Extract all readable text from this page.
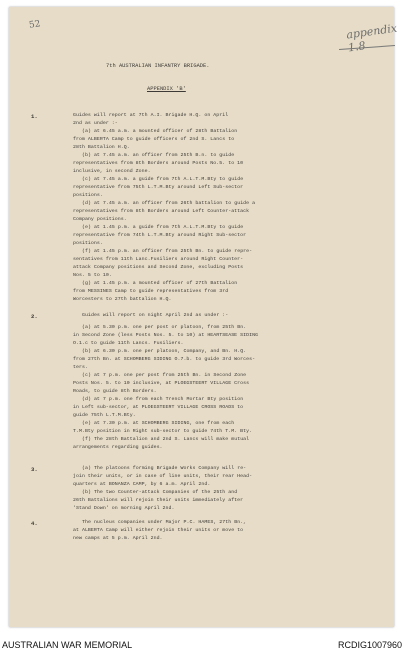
52	appendix 1.8
7th AUSTRALIAN INFANTRY BRIGADE.
APPENDIX 'B'
1.	Guides will report at 7th A.I. Brigade H.Q. on April
2nd as under :-
(a) at 6.45 a.m. a mounted officer of 28th Battalion
from ALBERTA Camp to guide officers of 2nd S. Lancs to
28th Battalion H.Q.
(b) at 7.45 a.m. an officer from 25th B.n. to guide
representatives from 8th Borders around Posts No.5. to 10
inclusive, in second Zone.
(c) at 7.45 a.m. a guide from 7th A.L.T.M.Bty to guide
representative from 75th L.T.M.Bty around Left Sub-sector
positions.
(d) at 7.45 a.m. an officer from 26th battalion to guide a
representatives from 8th Borders around Left Counter-attack
Company positions.
(e) at 1.45 p.m. a guide from 7th A.L.T.M.Bty to guide
representative from 74th L.T.M.Bty around Right Sub-sector
positions.
(f) at 1.45 p.m. an officer from 25th Bn. to guide repre-
sentatives from 11th Lanc.Fusiliers around Right Counter-
attack Company positions and Second Zone, excluding Posts
Nos. 5 to 10.
(g) at 1.45 p.m. a mounted officer of 27th Battalion
from MESSINES Camp to guide representatives from 3rd
Worcesters to 27th battalion H.Q.
2.	Guides will report on night April 2nd as under :-
(a) at 5.30 p.m. one per post or platoon, from 25th Bn.
in Second Zone (less Posts Nos. 5. to 10) at HEARTSEASE SIDING
O.1.c to guide 11th Lancs. Fusiliers.
(b) at 6.30 p.m. one per platoon, Company, and Bn. H.Q.
from 27th Bn. at SCHOMBERG SIDING O.7.b. to guide 3rd Worces-
ters.
(c) at 7 p.m. one per post from 25th Bn. in Second Zone
Posts Nos. 5. to 10 inclusive, at PLOEGSTEERT VILLAGE Cross
Roads, to guide 8th Borders.
(d) at 7 p.m. one from each Trench Mortar Bty position
in Left sub-sector, at PLOEGSTEERT VILLAGE CROSS ROADS to
guide 75th L.T.M.Bty.
(e) at 7.30 p.m. at SCHOMBERG SIDING, one from each
T.M.Bty position in Right sub-sector to guide 74th T.M. Bty.
(f) The 28th Battalion and 2nd S. Lancs will make mutual
arrangements regarding guides.
3.	(a) The platoons forming Brigade Works Company will re-
join their units, or in case of line units, their rear Head-
quarters at BONANZA CAMP, by 6 a.m. April 2nd.
(b) The two Counter-attack Companies of the 25th and
26th Battalions will rejoin their units immediately after
'Stand Down' on morning April 2nd.
4.	The nucleus companies under Major P.C. HAMES, 27th Bn.,
at ALBERTA Camp will either rejoin their units or move to
new camps at 5 p.m. April 2nd.
AUSTRALIAN WAR MEMORIAL	RCDIG1007960
